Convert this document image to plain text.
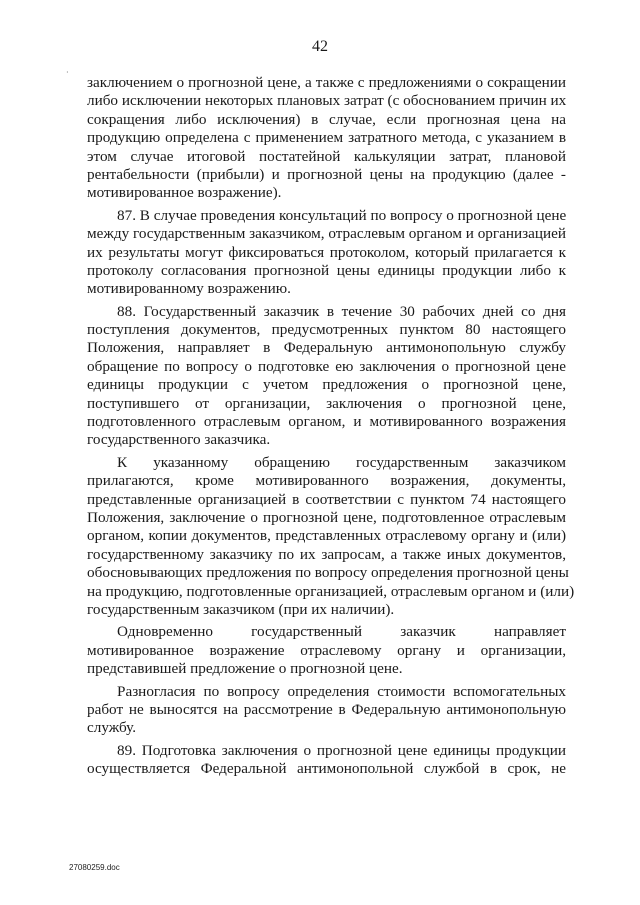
42
·
заключением о прогнозной цене, а также с предложениями о сокращении
либо исключении некоторых плановых затрат (с обоснованием причин их
сокращения либо исключения) в случае, если прогнозная цена на
продукцию определена с применением затратного метода, с указанием в
этом случае итоговой постатейной калькуляции затрат, плановой
рентабельности (прибыли) и прогнозной цены на продукцию (далее -
мотивированное возражение).
87. В случае проведения консультаций по вопросу о прогнозной цене
между государственным заказчиком, отраслевым органом и организацией
их результаты могут фиксироваться протоколом, который прилагается к
протоколу согласования прогнозной цены единицы продукции либо к
мотивированному возражению.
88. Государственный заказчик в течение 30 рабочих дней со дня
поступления документов, предусмотренных пунктом 80 настоящего
Положения, направляет в Федеральную антимонопольную службу
обращение по вопросу о подготовке ею заключения о прогнозной цене
единицы продукции с учетом предложения о прогнозной цене,
поступившего от организации, заключения о прогнозной цене,
подготовленного отраслевым органом, и мотивированного возражения
государственного заказчика.
К указанному обращению государственным заказчиком
прилагаются, кроме мотивированного возражения, документы,
представленные организацией в соответствии с пунктом 74 настоящего
Положения, заключение о прогнозной цене, подготовленное отраслевым
органом, копии документов, представленных отраслевому органу и (или)
государственному заказчику по их запросам, а также иных документов,
обосновывающих предложения по вопросу определения прогнозной цены
на продукцию, подготовленные организацией, отраслевым органом и (или)
государственным заказчиком (при их наличии).
Одновременно государственный заказчик направляет
мотивированное возражение отраслевому органу и организации,
представившей предложение о прогнозной цене.
Разногласия по вопросу определения стоимости вспомогательных
работ не выносятся на рассмотрение в Федеральную антимонопольную
службу.
89. Подготовка заключения о прогнозной цене единицы продукции
осуществляется Федеральной антимонопольной службой в срок, не
27080259.doc
